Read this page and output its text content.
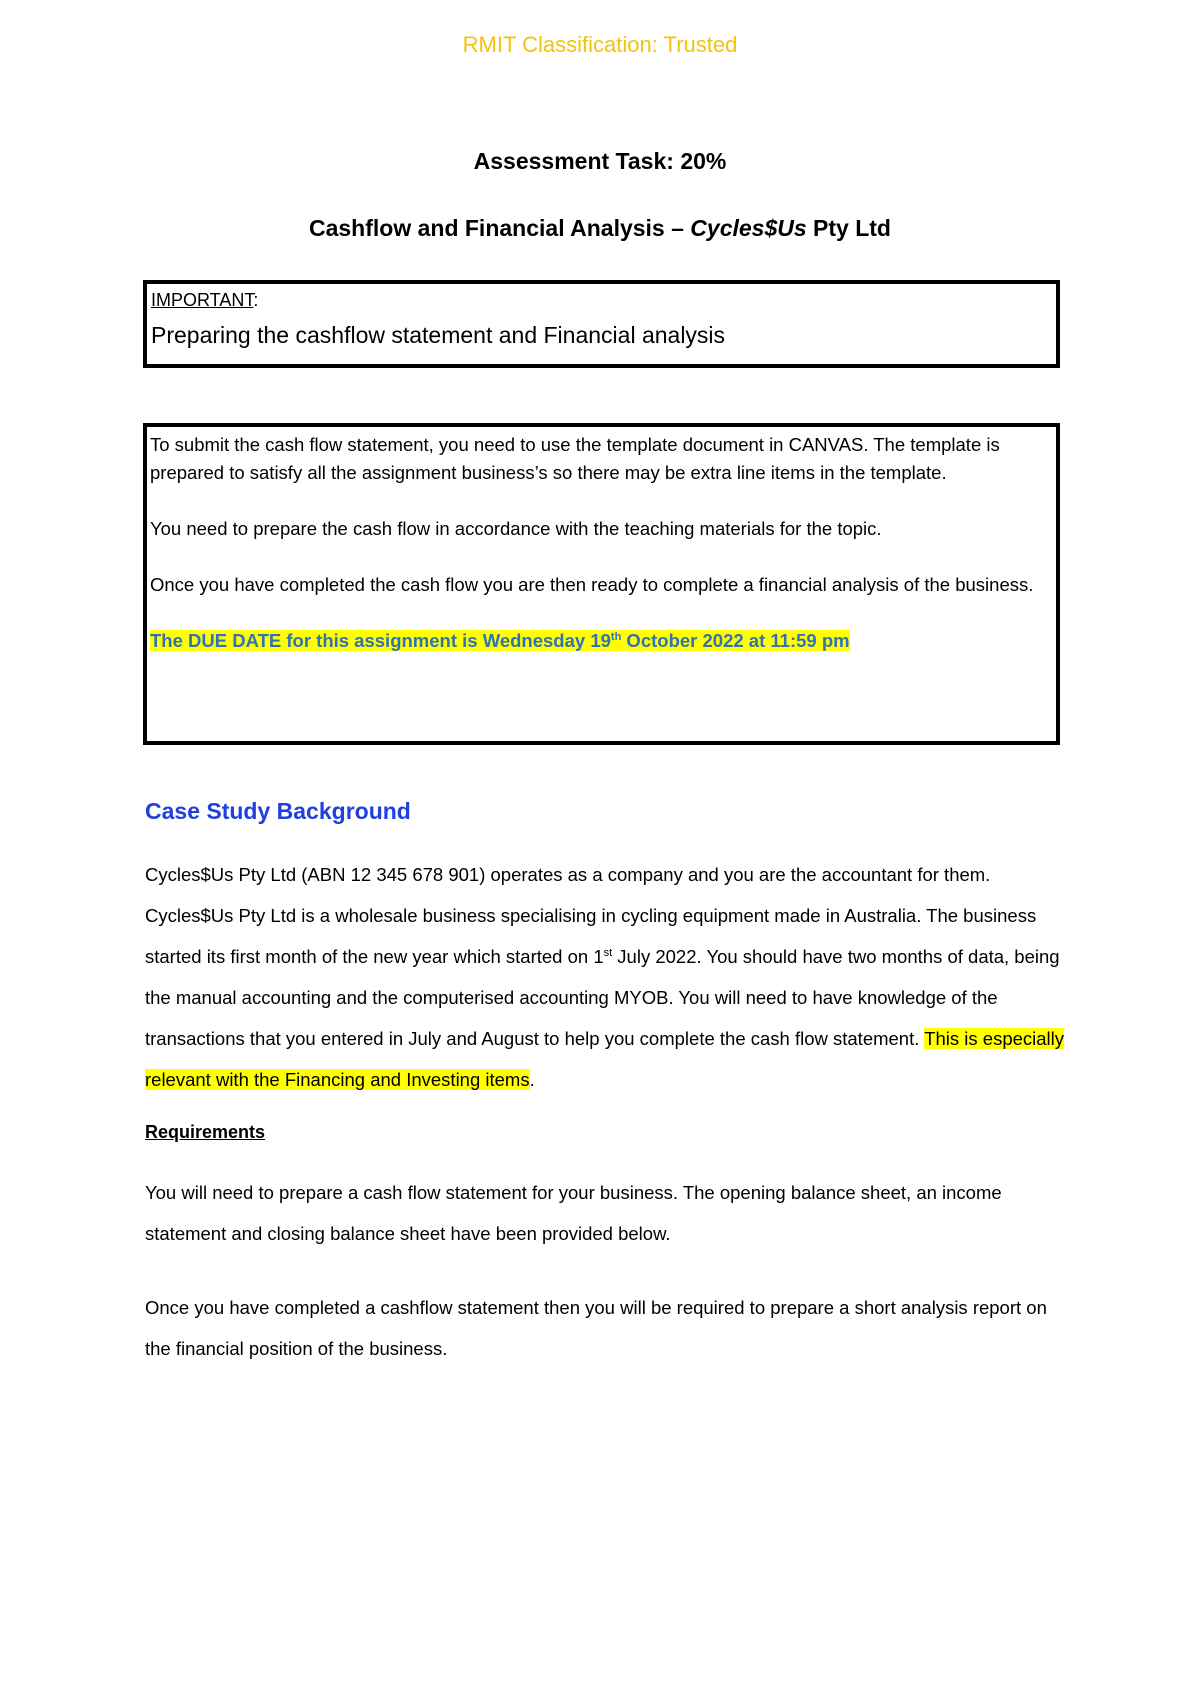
RMIT Classification: Trusted
Assessment Task: 20%
Cashflow and Financial Analysis – Cycles$Us Pty Ltd
IMPORTANT:
Preparing the cashflow statement and Financial analysis

To submit the cash flow statement, you need to use the template document in CANVAS. The template is prepared to satisfy all the assignment business’s so there may be extra line items in the template.

You need to prepare the cash flow in accordance with the teaching materials for the topic.

Once you have completed the cash flow you are then ready to complete a financial analysis of the business.

The DUE DATE for this assignment is Wednesday 19th October 2022 at 11:59 pm

Case Study Background
Cycles$Us Pty Ltd (ABN 12 345 678 901) operates as a company and you are the accountant for them. Cycles$Us Pty Ltd is a wholesale business specialising in cycling equipment made in Australia. The business started its first month of the new year which started on 1st July 2022. You should have two months of data, being the manual accounting and the computerised accounting MYOB. You will need to have knowledge of the transactions that you entered in July and August to help you complete the cash flow statement. This is especially relevant with the Financing and Investing items.
Requirements
You will need to prepare a cash flow statement for your business. The opening balance sheet, an income statement and closing balance sheet have been provided below.
Once you have completed a cashflow statement then you will be required to prepare a short analysis report on the financial position of the business.
